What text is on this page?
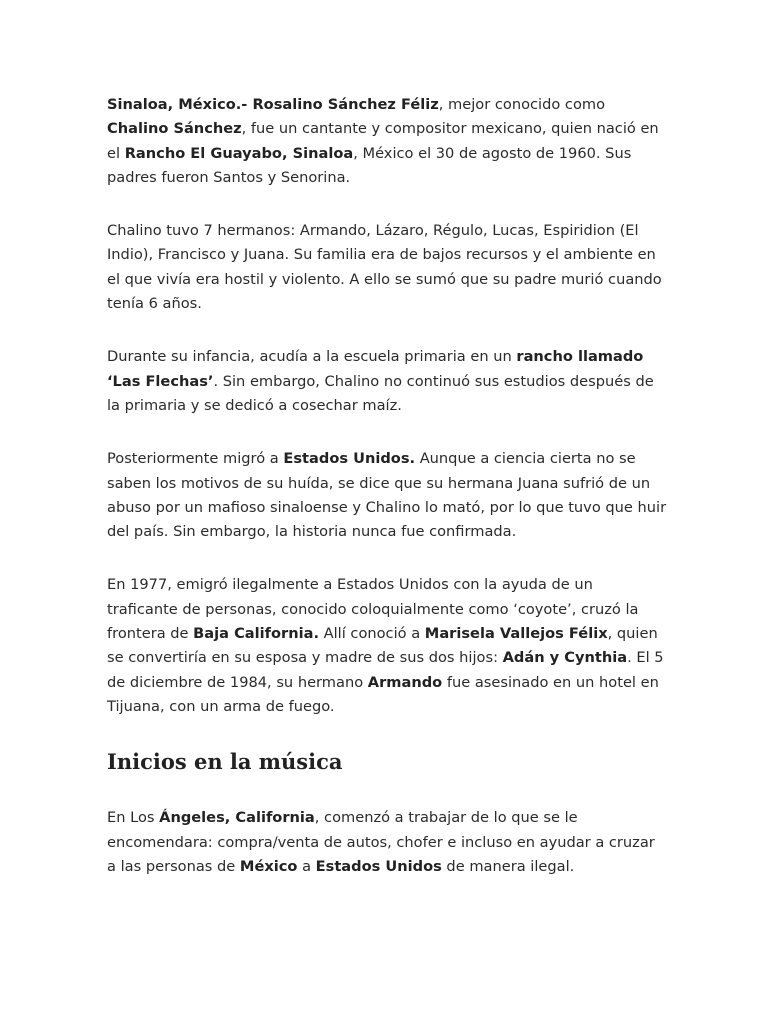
Sinaloa, México.- Rosalino Sánchez Féliz, mejor conocido como Chalino Sánchez, fue un cantante y compositor mexicano, quien nació en el Rancho El Guayabo, Sinaloa, México el 30 de agosto de 1960. Sus padres fueron Santos y Senorina.

Chalino tuvo 7 hermanos: Armando, Lázaro, Régulo, Lucas, Espiridion (El Indio), Francisco y Juana. Su familia era de bajos recursos y el ambiente en el que vivía era hostil y violento. A ello se sumó que su padre murió cuando tenía 6 años.

Durante su infancia, acudía a la escuela primaria en un rancho llamado ‘Las Flechas’. Sin embargo, Chalino no continuó sus estudios después de la primaria y se dedicó a cosechar maíz.

Posteriormente migró a Estados Unidos. Aunque a ciencia cierta no se saben los motivos de su huída, se dice que su hermana Juana sufrió de un abuso por un mafioso sinaloense y Chalino lo mató, por lo que tuvo que huir del país. Sin embargo, la historia nunca fue confirmada.

En 1977, emigró ilegalmente a Estados Unidos con la ayuda de un traficante de personas, conocido coloquialmente como ‘coyote’, cruzó la frontera de Baja California. Allí conoció a Marisela Vallejos Félix, quien se convertiría en su esposa y madre de sus dos hijos: Adán y Cynthia. El 5 de diciembre de 1984, su hermano Armando fue asesinado en un hotel en Tijuana, con un arma de fuego.

Inicios en la música

En Los Ángeles, California, comenzó a trabajar de lo que se le encomendara: compra/venta de autos, chofer e incluso en ayudar a cruzar a las personas de México a Estados Unidos de manera ilegal.
